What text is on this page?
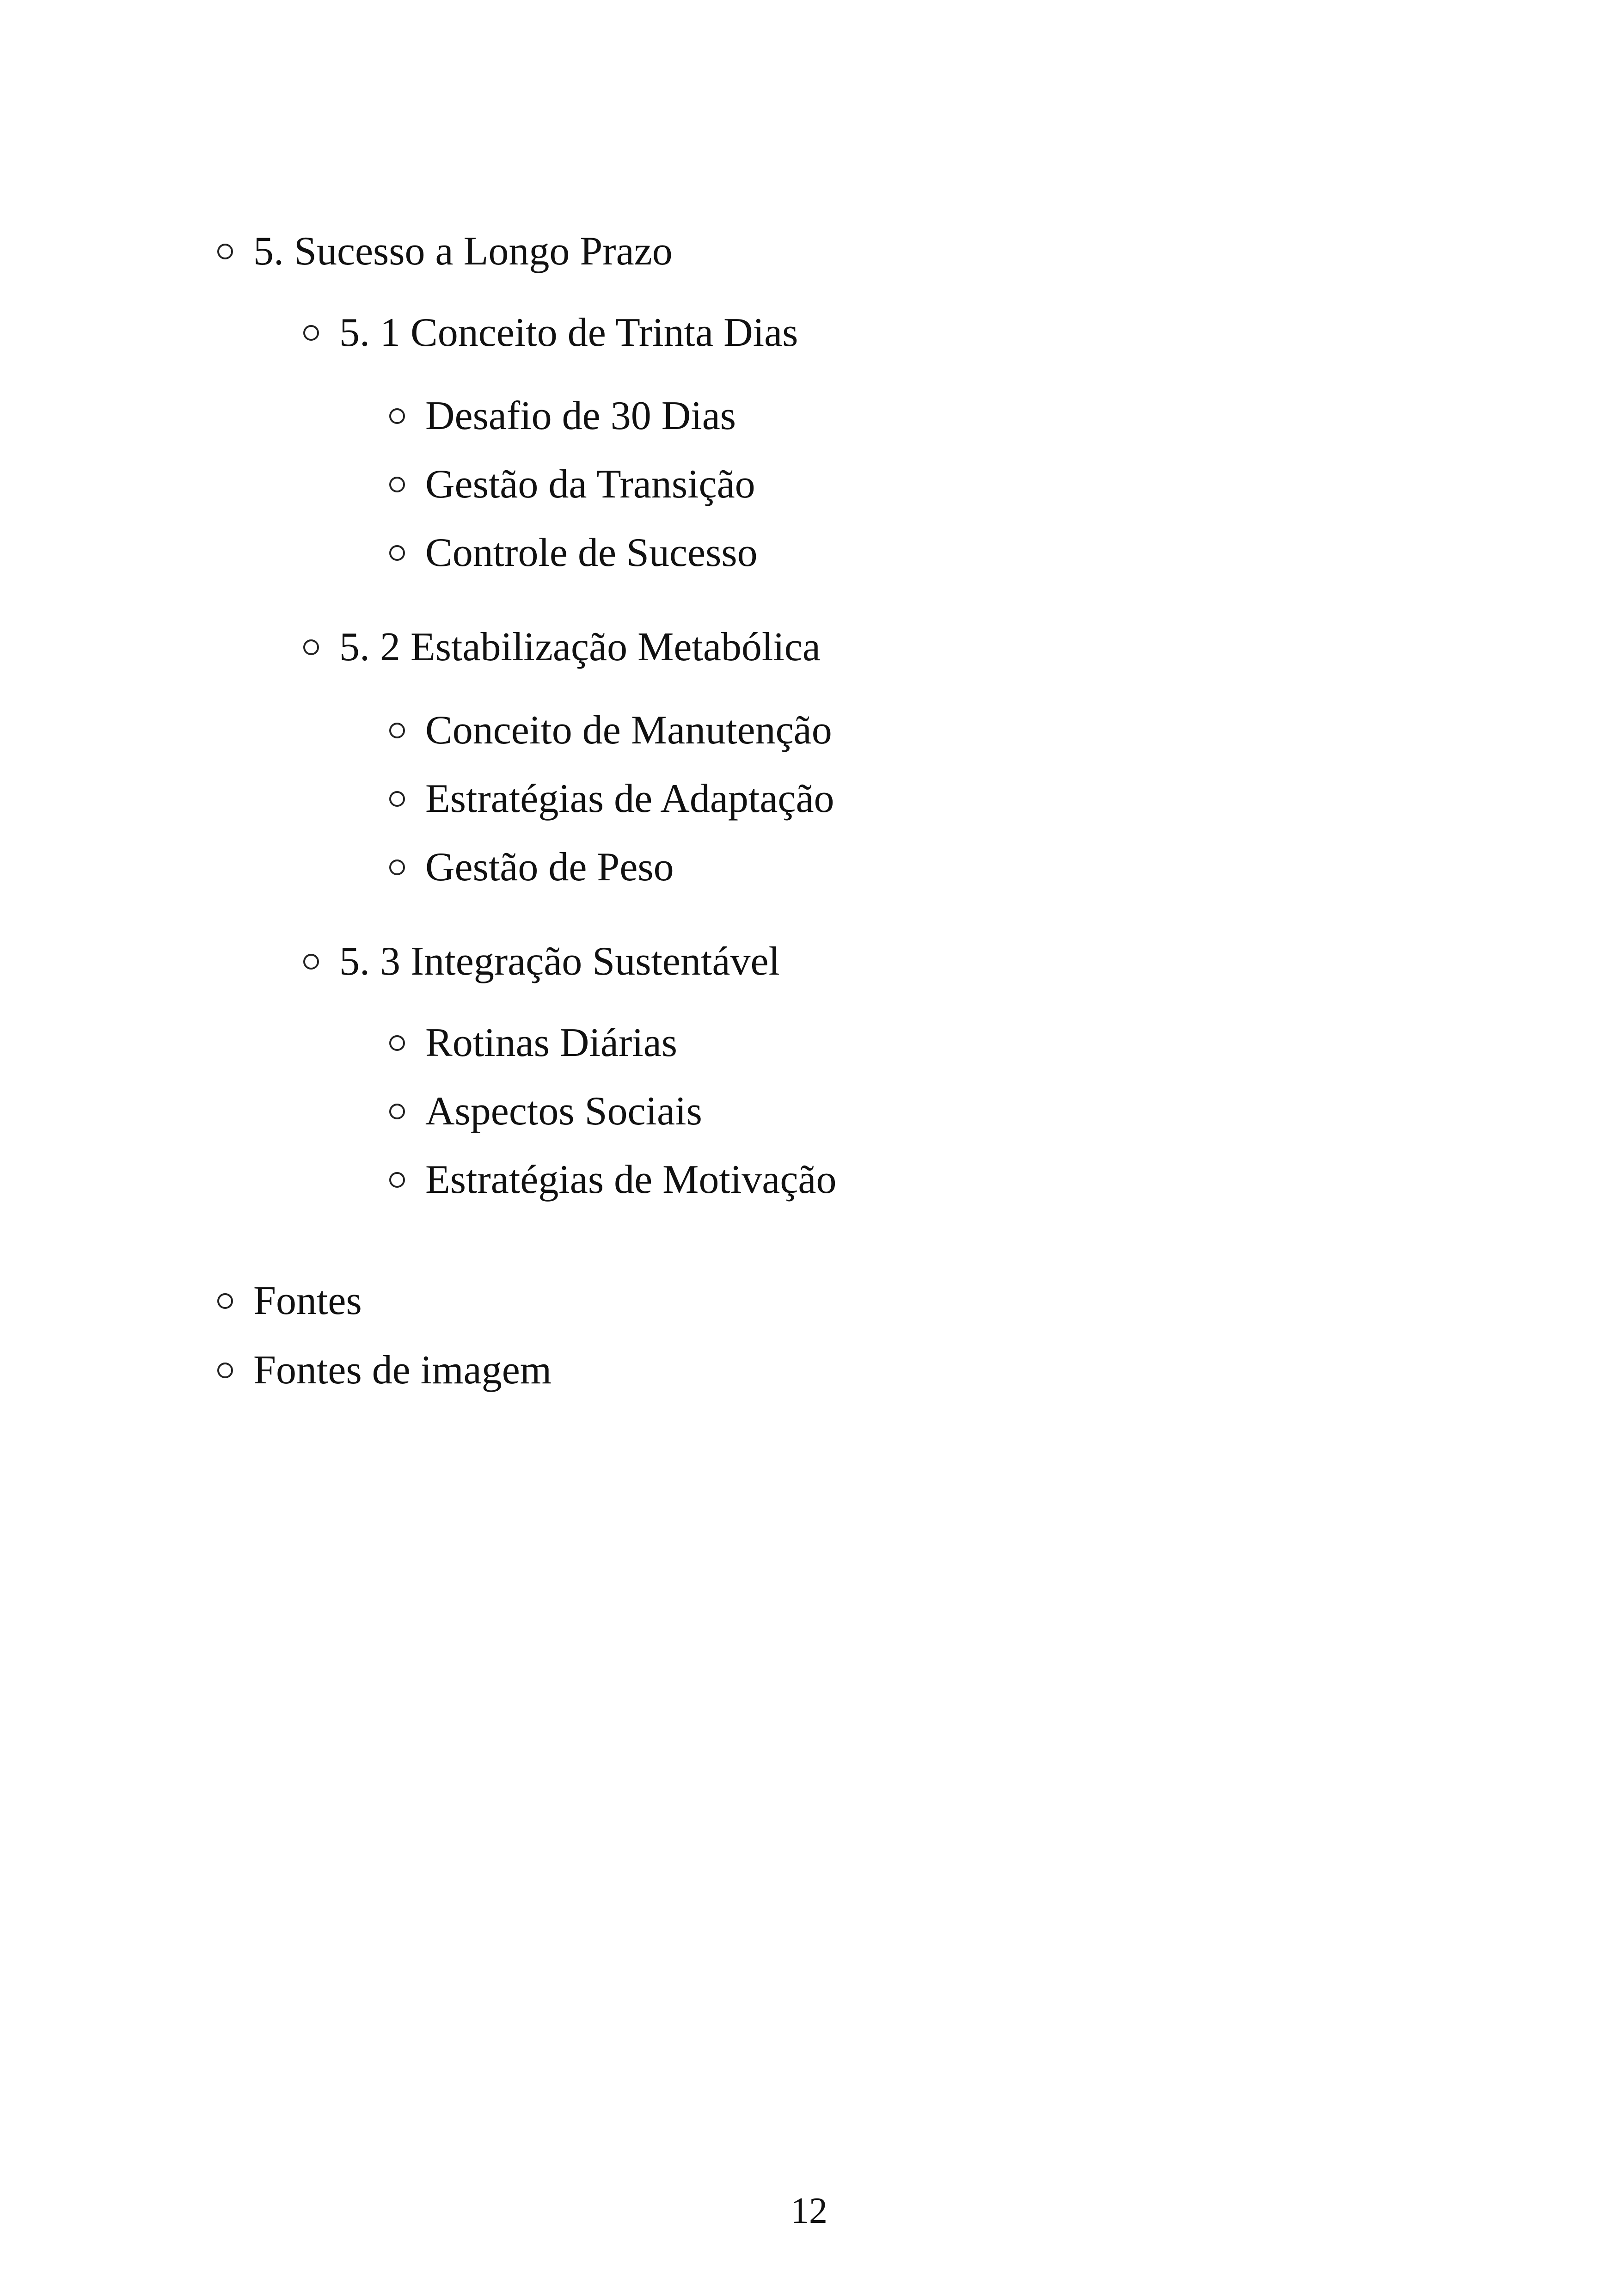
5. Sucesso a Longo Prazo
5. 1 Conceito de Trinta Dias
Desafio de 30 Dias
Gestão da Transição
Controle de Sucesso
5. 2 Estabilização Metabólica
Conceito de Manutenção
Estratégias de Adaptação
Gestão de Peso
5. 3 Integração Sustentável
Rotinas Diárias
Aspectos Sociais
Estratégias de Motivação
Fontes
Fontes de imagem
12
